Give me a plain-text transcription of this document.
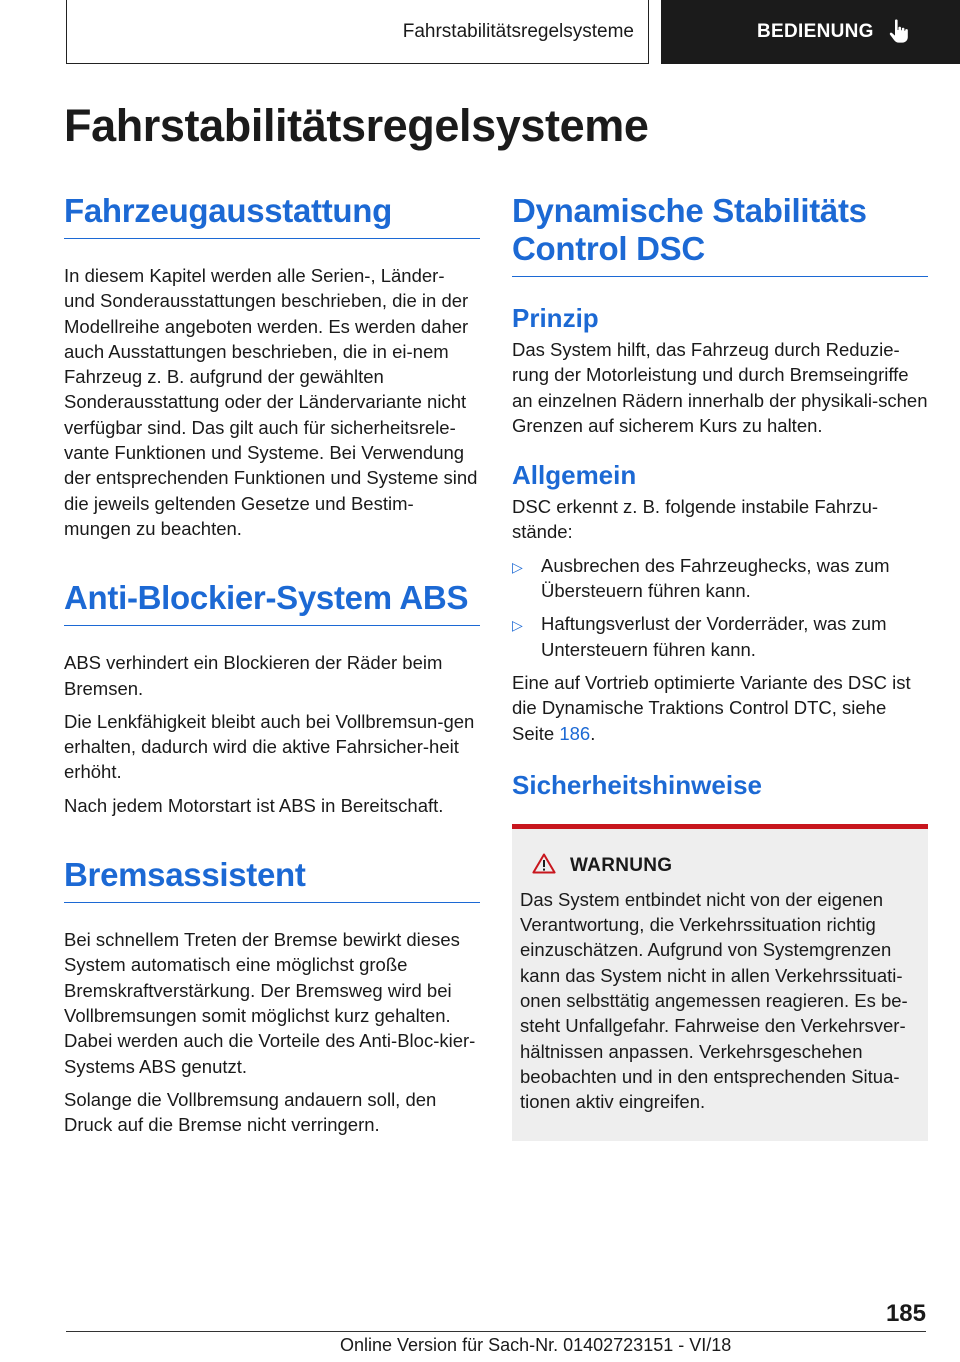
Fahrstabilitätsregelsysteme	BEDIENUNG
Fahrstabilitätsregelsysteme
Fahrzeugausstattung

In diesem Kapitel werden alle Serien-, Länder- und Sonderausstattungen beschrieben, die in der Modellreihe angeboten werden. Es werden daher auch Ausstattungen beschrieben, die in ei-nem Fahrzeug z. B. aufgrund der gewählten Sonderausstattung oder der Ländervariante nicht verfügbar sind. Das gilt auch für sicherheitsrele-vante Funktionen und Systeme. Bei Verwendung der entsprechenden Funktionen und Systeme sind die jeweils geltenden Gesetze und Bestim-mungen zu beachten.

Anti-Blockier-System ABS

ABS verhindert ein Blockieren der Räder beim Bremsen.

Die Lenkfähigkeit bleibt auch bei Vollbremsun-gen erhalten, dadurch wird die aktive Fahrsicher-heit erhöht.

Nach jedem Motorstart ist ABS in Bereitschaft.

Bremsassistent

Bei schnellem Treten der Bremse bewirkt dieses System automatisch eine möglichst große Bremskraftverstärkung. Der Bremsweg wird bei Vollbremsungen somit möglichst kurz gehalten. Dabei werden auch die Vorteile des Anti-Bloc-kier-Systems ABS genutzt.

Solange die Vollbremsung andauern soll, den Druck auf die Bremse nicht verringern.

Dynamische Stabilitäts
Control DSC
Prinzip

Das System hilft, das Fahrzeug durch Reduzie-rung der Motorleistung und durch Bremseingriffe an einzelnen Rädern innerhalb der physikali-schen Grenzen auf sicherem Kurs zu halten.

Allgemein

DSC erkennt z. B. folgende instabile Fahrzu-stände:

▷ Ausbrechen des Fahrzeughecks, was zum Übersteuern führen kann.
▷ Haftungsverlust der Vorderräder, was zum Untersteuern führen kann.

Eine auf Vortrieb optimierte Variante des DSC ist die Dynamische Traktions Control DTC, siehe Seite 186.

Sicherheitshinweise
WARNUNG

Das System entbindet nicht von der eigenen Verantwortung, die Verkehrssituation richtig einzuschätzen. Aufgrund von Systemgrenzen kann das System nicht in allen Verkehrssituati-onen selbsttätig angemessen reagieren. Es be-steht Unfallgefahr. Fahrweise den Verkehrsver-hältnissen anpassen. Verkehrsgeschehen beobachten und in den entsprechenden Situa-tionen aktiv eingreifen.

185
Online Version für Sach-Nr. 01402723151 - VI/18
